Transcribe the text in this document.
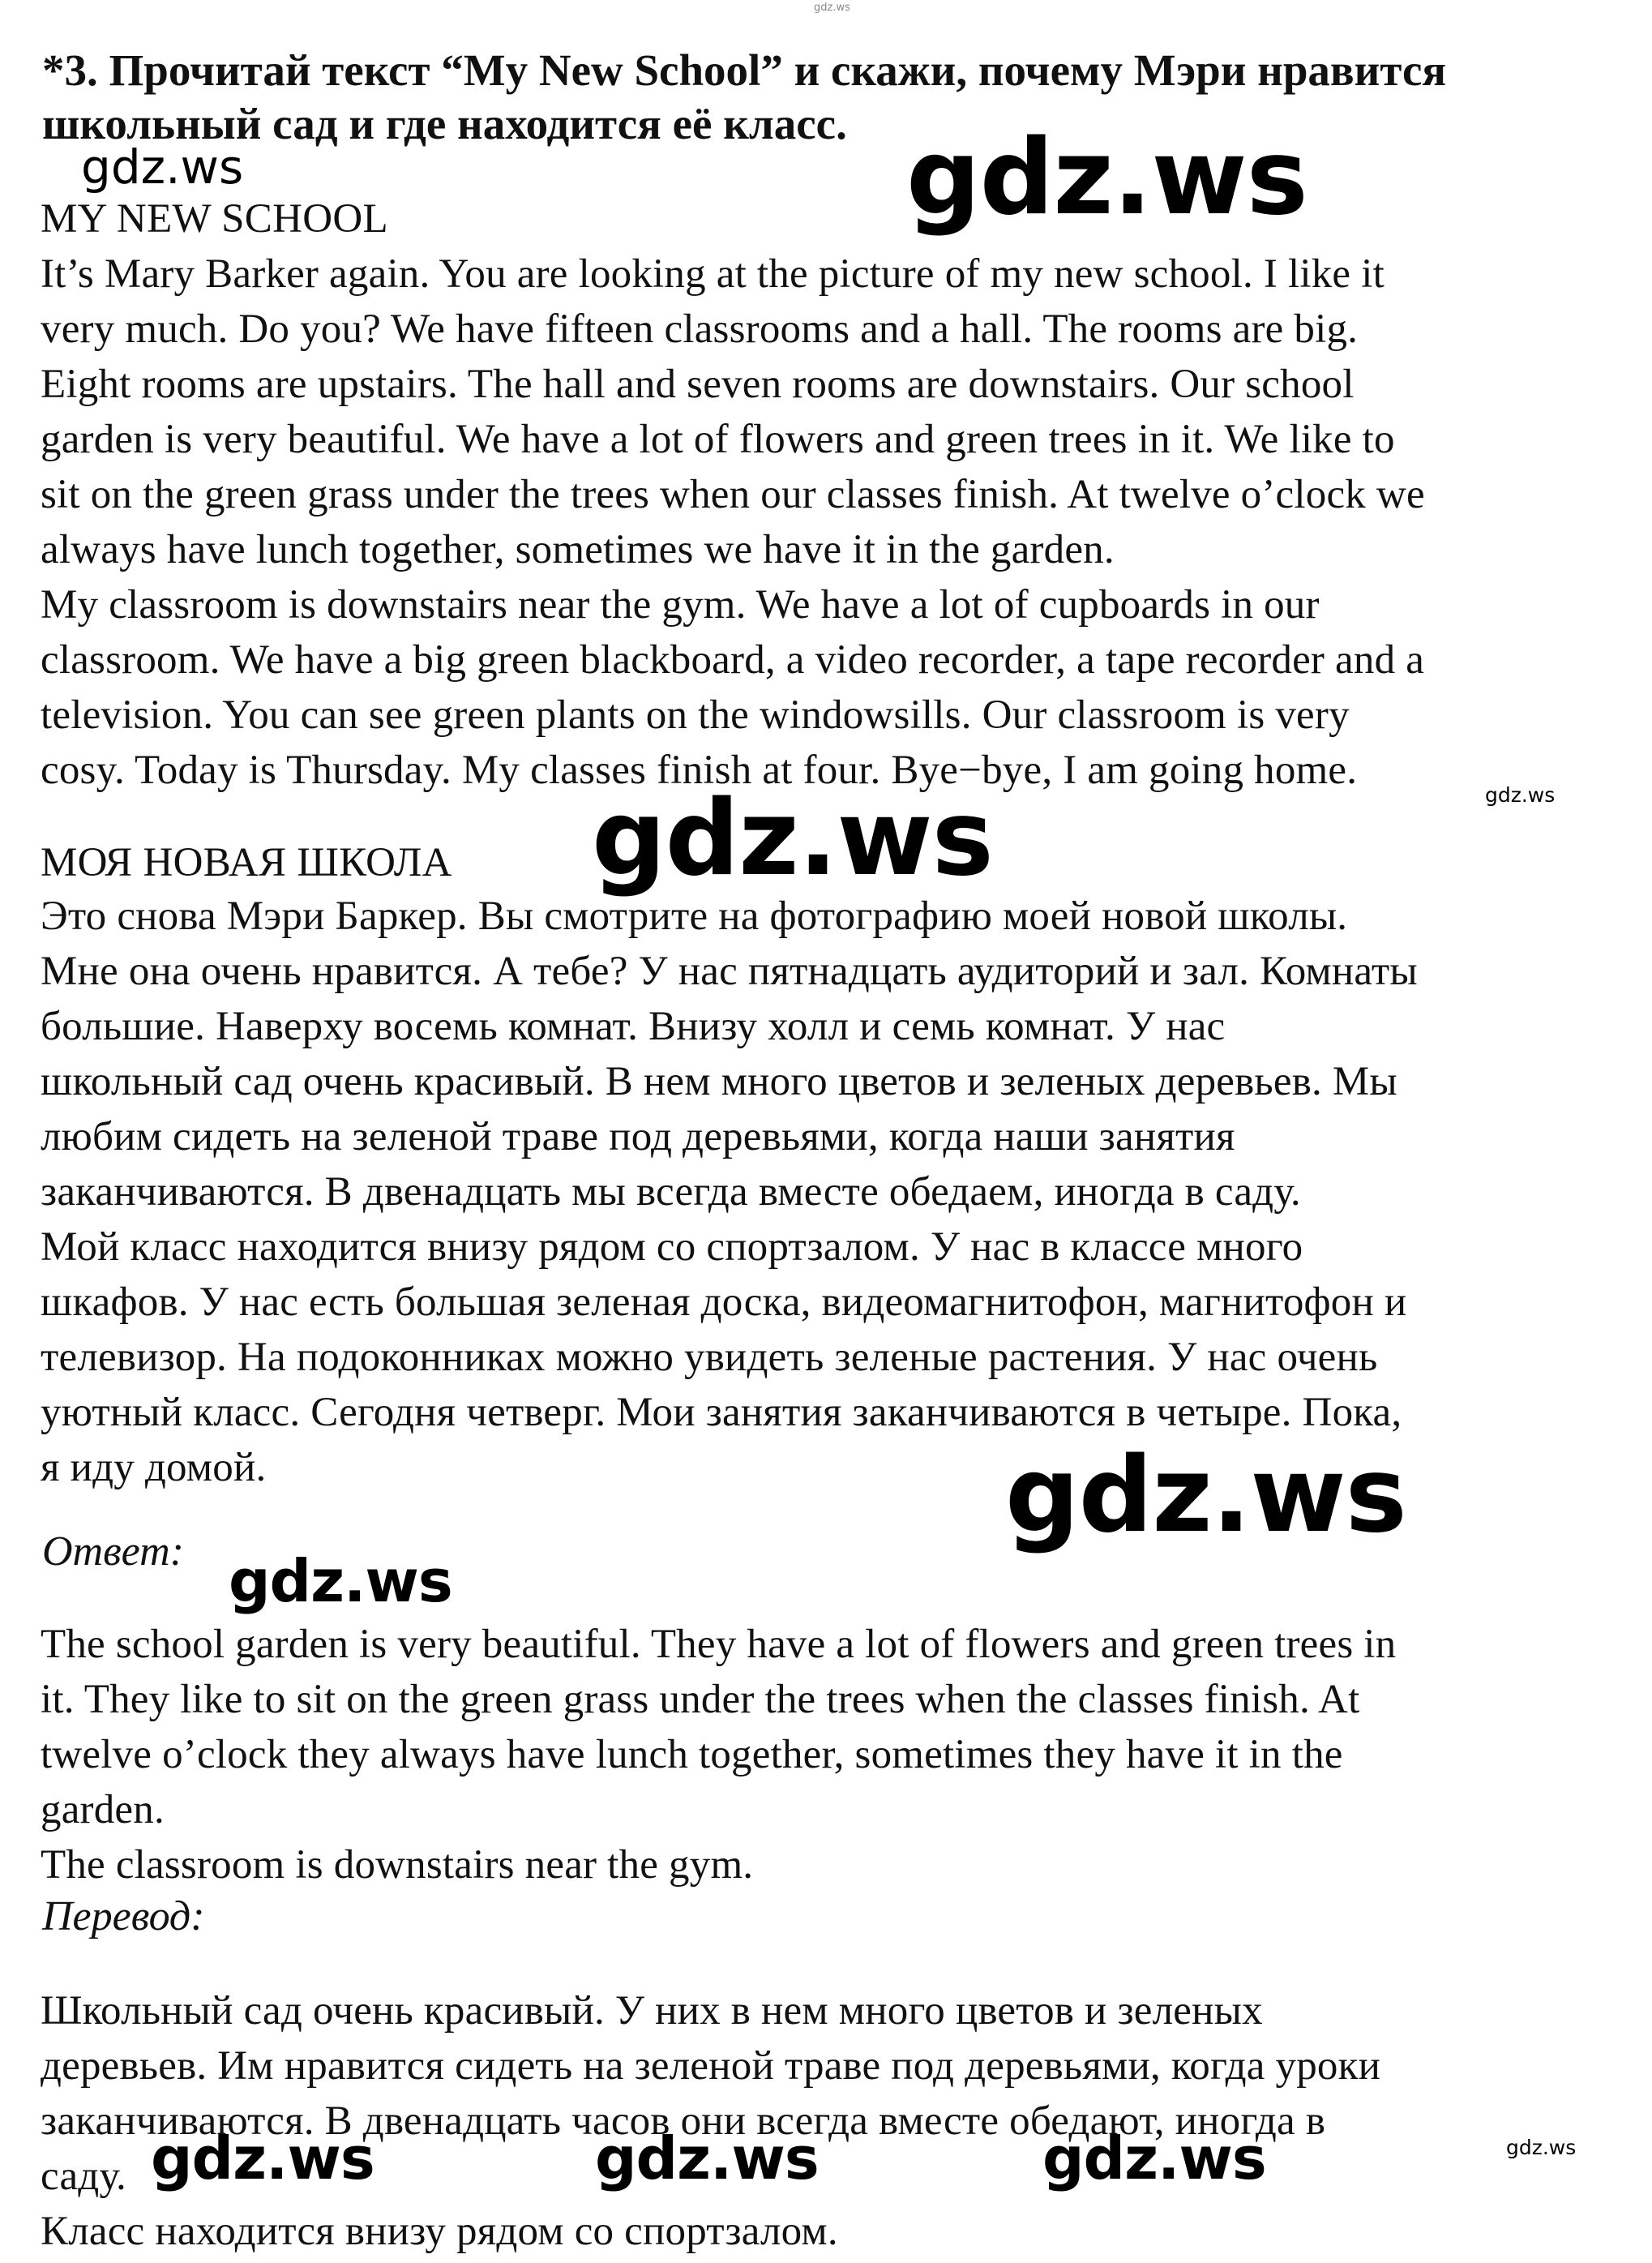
gdz.ws

*3. Прочитай текст “My New School” и скажи, почему Мэри нравится
школьный сад и где находится её класс.

gdz.ws	gdz.ws

MY NEW SCHOOL

It’s Mary Barker again. You are looking at the picture of my new school. I like it
very much. Do you? We have fifteen classrooms and a hall. The rooms are big.
Eight rooms are upstairs. The hall and seven rooms are downstairs. Our school
garden is very beautiful. We have a lot of flowers and green trees in it. We like to
sit on the green grass under the trees when our classes finish. At twelve o’clock we
always have lunch together, sometimes we have it in the garden.
My classroom is downstairs near the gym. We have a lot of cupboards in our
classroom. We have a big green blackboard, a video recorder, a tape recorder and a
television. You can see green plants on the windowsills. Our classroom is very
cosy. Today is Thursday. My classes finish at four. Bye−bye, I am going home.

gdz.ws

МОЯ НОВАЯ ШКОЛА gdz.ws

Это снова Мэри Баркер. Вы смотрите на фотографию моей новой школы.
Мне она очень нравится. А тебе? У нас пятнадцать аудиторий и зал. Комнаты
большие. Наверху восемь комнат. Внизу холл и семь комнат. У нас
школьный сад очень красивый. В нем много цветов и зеленых деревьев. Мы
любим сидеть на зеленой траве под деревьями, когда наши занятия
заканчиваются. В двенадцать мы всегда вместе обедаем, иногда в саду.
Мой класс находится внизу рядом со спортзалом. У нас в классе много
шкафов. У нас есть большая зеленая доска, видеомагнитофон, магнитофон и
телевизор. На подоконниках можно увидеть зеленые растения. У нас очень
уютный класс. Сегодня четверг. Мои занятия заканчиваются в четыре. Пока,
я иду домой.	gdz.ws

Ответ: gdz.ws

The school garden is very beautiful. They have a lot of flowers and green trees in
it. They like to sit on the green grass under the trees when the classes finish. At
twelve o’clock they always have lunch together, sometimes they have it in the
garden.
The classroom is downstairs near the gym.

Перевод:

Школьный сад очень красивый. У них в нем много цветов и зеленых
деревьев. Им нравится сидеть на зеленой траве под деревьями, когда уроки
заканчиваются. В двенадцать часов они всегда вместе обедают, иногда в
саду.
Класс находится внизу рядом со спортзалом.

gdz.ws	gdz.ws	gdz.ws	gdz.ws
